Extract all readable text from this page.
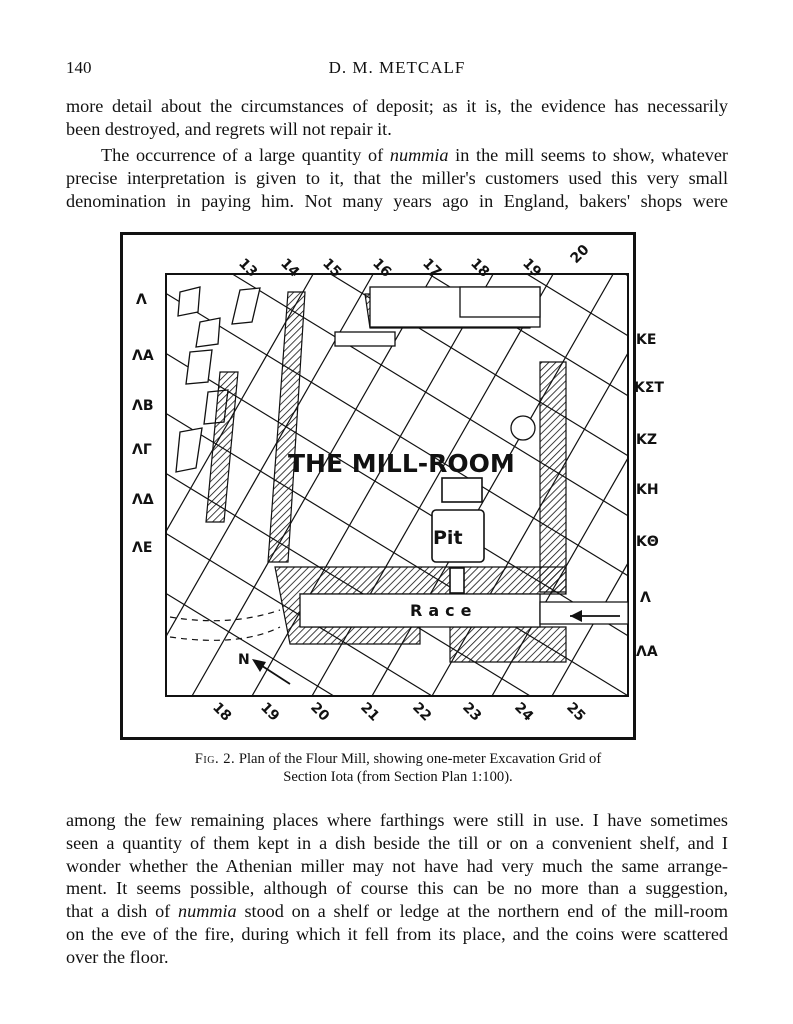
140	D. M. METCALF
more detail about the circumstances of deposit; as it is, the evidence has necessarily
been destroyed, and regrets will not repair it.
The occurrence of a large quantity of nummia in the mill seems to show, whatever
precise interpretation is given to it, that the miller's customers used this very small
denomination in paying him. Not many years ago in England, bakers' shops were
THE MILL-ROOM
Pit
Race
N
13 14 15 16 17 18 19
20
18 19 20 21 22 23 24 25
Λ
ΛΑ
ΛΒ
ΛΓ
ΛΔ
ΛΕ
ΚΕ
ΚΣΤ
ΚΖ
ΚΗ
ΚΘ
Λ
ΛΑ
Fig. 2. Plan of the Flour Mill, showing one-meter Excavation Grid of
Section Iota (from Section Plan 1:100).
among the few remaining places where farthings were still in use. I have sometimes
seen a quantity of them kept in a dish beside the till or on a convenient shelf, and I
wonder whether the Athenian miller may not have had very much the same arrange-
ment. It seems possible, although of course this can be no more than a suggestion,
that a dish of nummia stood on a shelf or ledge at the northern end of the mill-room
on the eve of the fire, during which it fell from its place, and the coins were scattered
over the floor.
